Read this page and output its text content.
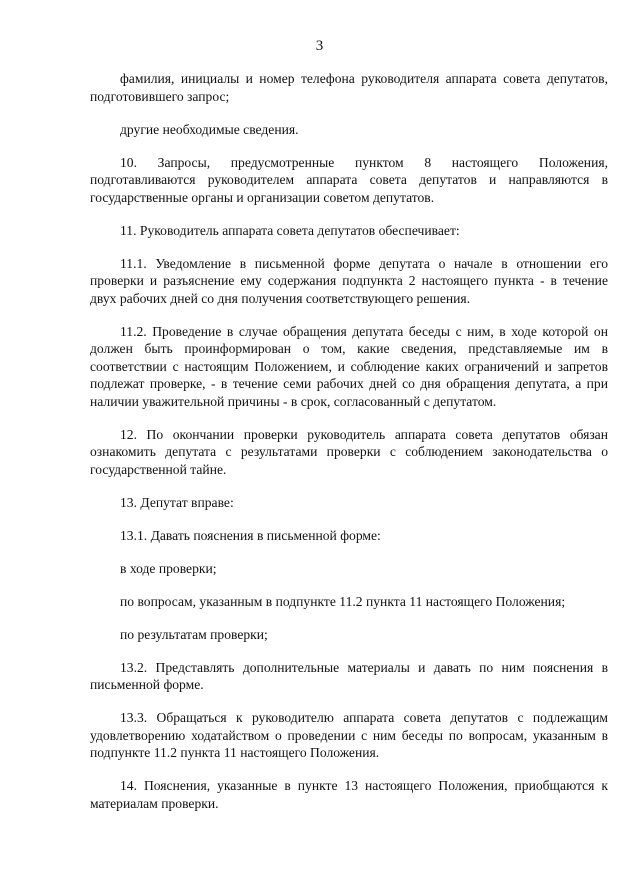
3

фамилия, инициалы и номер телефона руководителя аппарата совета депутатов, подготовившего запрос;

другие необходимые сведения.

10. Запросы, предусмотренные пунктом 8 настоящего Положения, подготавливаются руководителем аппарата совета депутатов и направляются в государственные органы и организации советом депутатов.

11. Руководитель аппарата совета депутатов обеспечивает:

11.1. Уведомление в письменной форме депутата о начале в отношении его проверки и разъяснение ему содержания подпункта 2 настоящего пункта - в течение двух рабочих дней со дня получения соответствующего решения.

11.2. Проведение в случае обращения депутата беседы с ним, в ходе которой он должен быть проинформирован о том, какие сведения, представляемые им в соответствии с настоящим Положением, и соблюдение каких ограничений и запретов подлежат проверке, - в течение семи рабочих дней со дня обращения депутата, а при наличии уважительной причины - в срок, согласованный с депутатом.

12. По окончании проверки руководитель аппарата совета депутатов обязан ознакомить депутата с результатами проверки с соблюдением законодательства о государственной тайне.

13. Депутат вправе:

13.1. Давать пояснения в письменной форме:

в ходе проверки;

по вопросам, указанным в подпункте 11.2 пункта 11 настоящего Положения;

по результатам проверки;

13.2. Представлять дополнительные материалы и давать по ним пояснения в письменной форме.

13.3. Обращаться к руководителю аппарата совета депутатов с подлежащим удовлетворению ходатайством о проведении с ним беседы по вопросам, указанным в подпункте 11.2 пункта 11 настоящего Положения.

14. Пояснения, указанные в пункте 13 настоящего Положения, приобщаются к материалам проверки.
